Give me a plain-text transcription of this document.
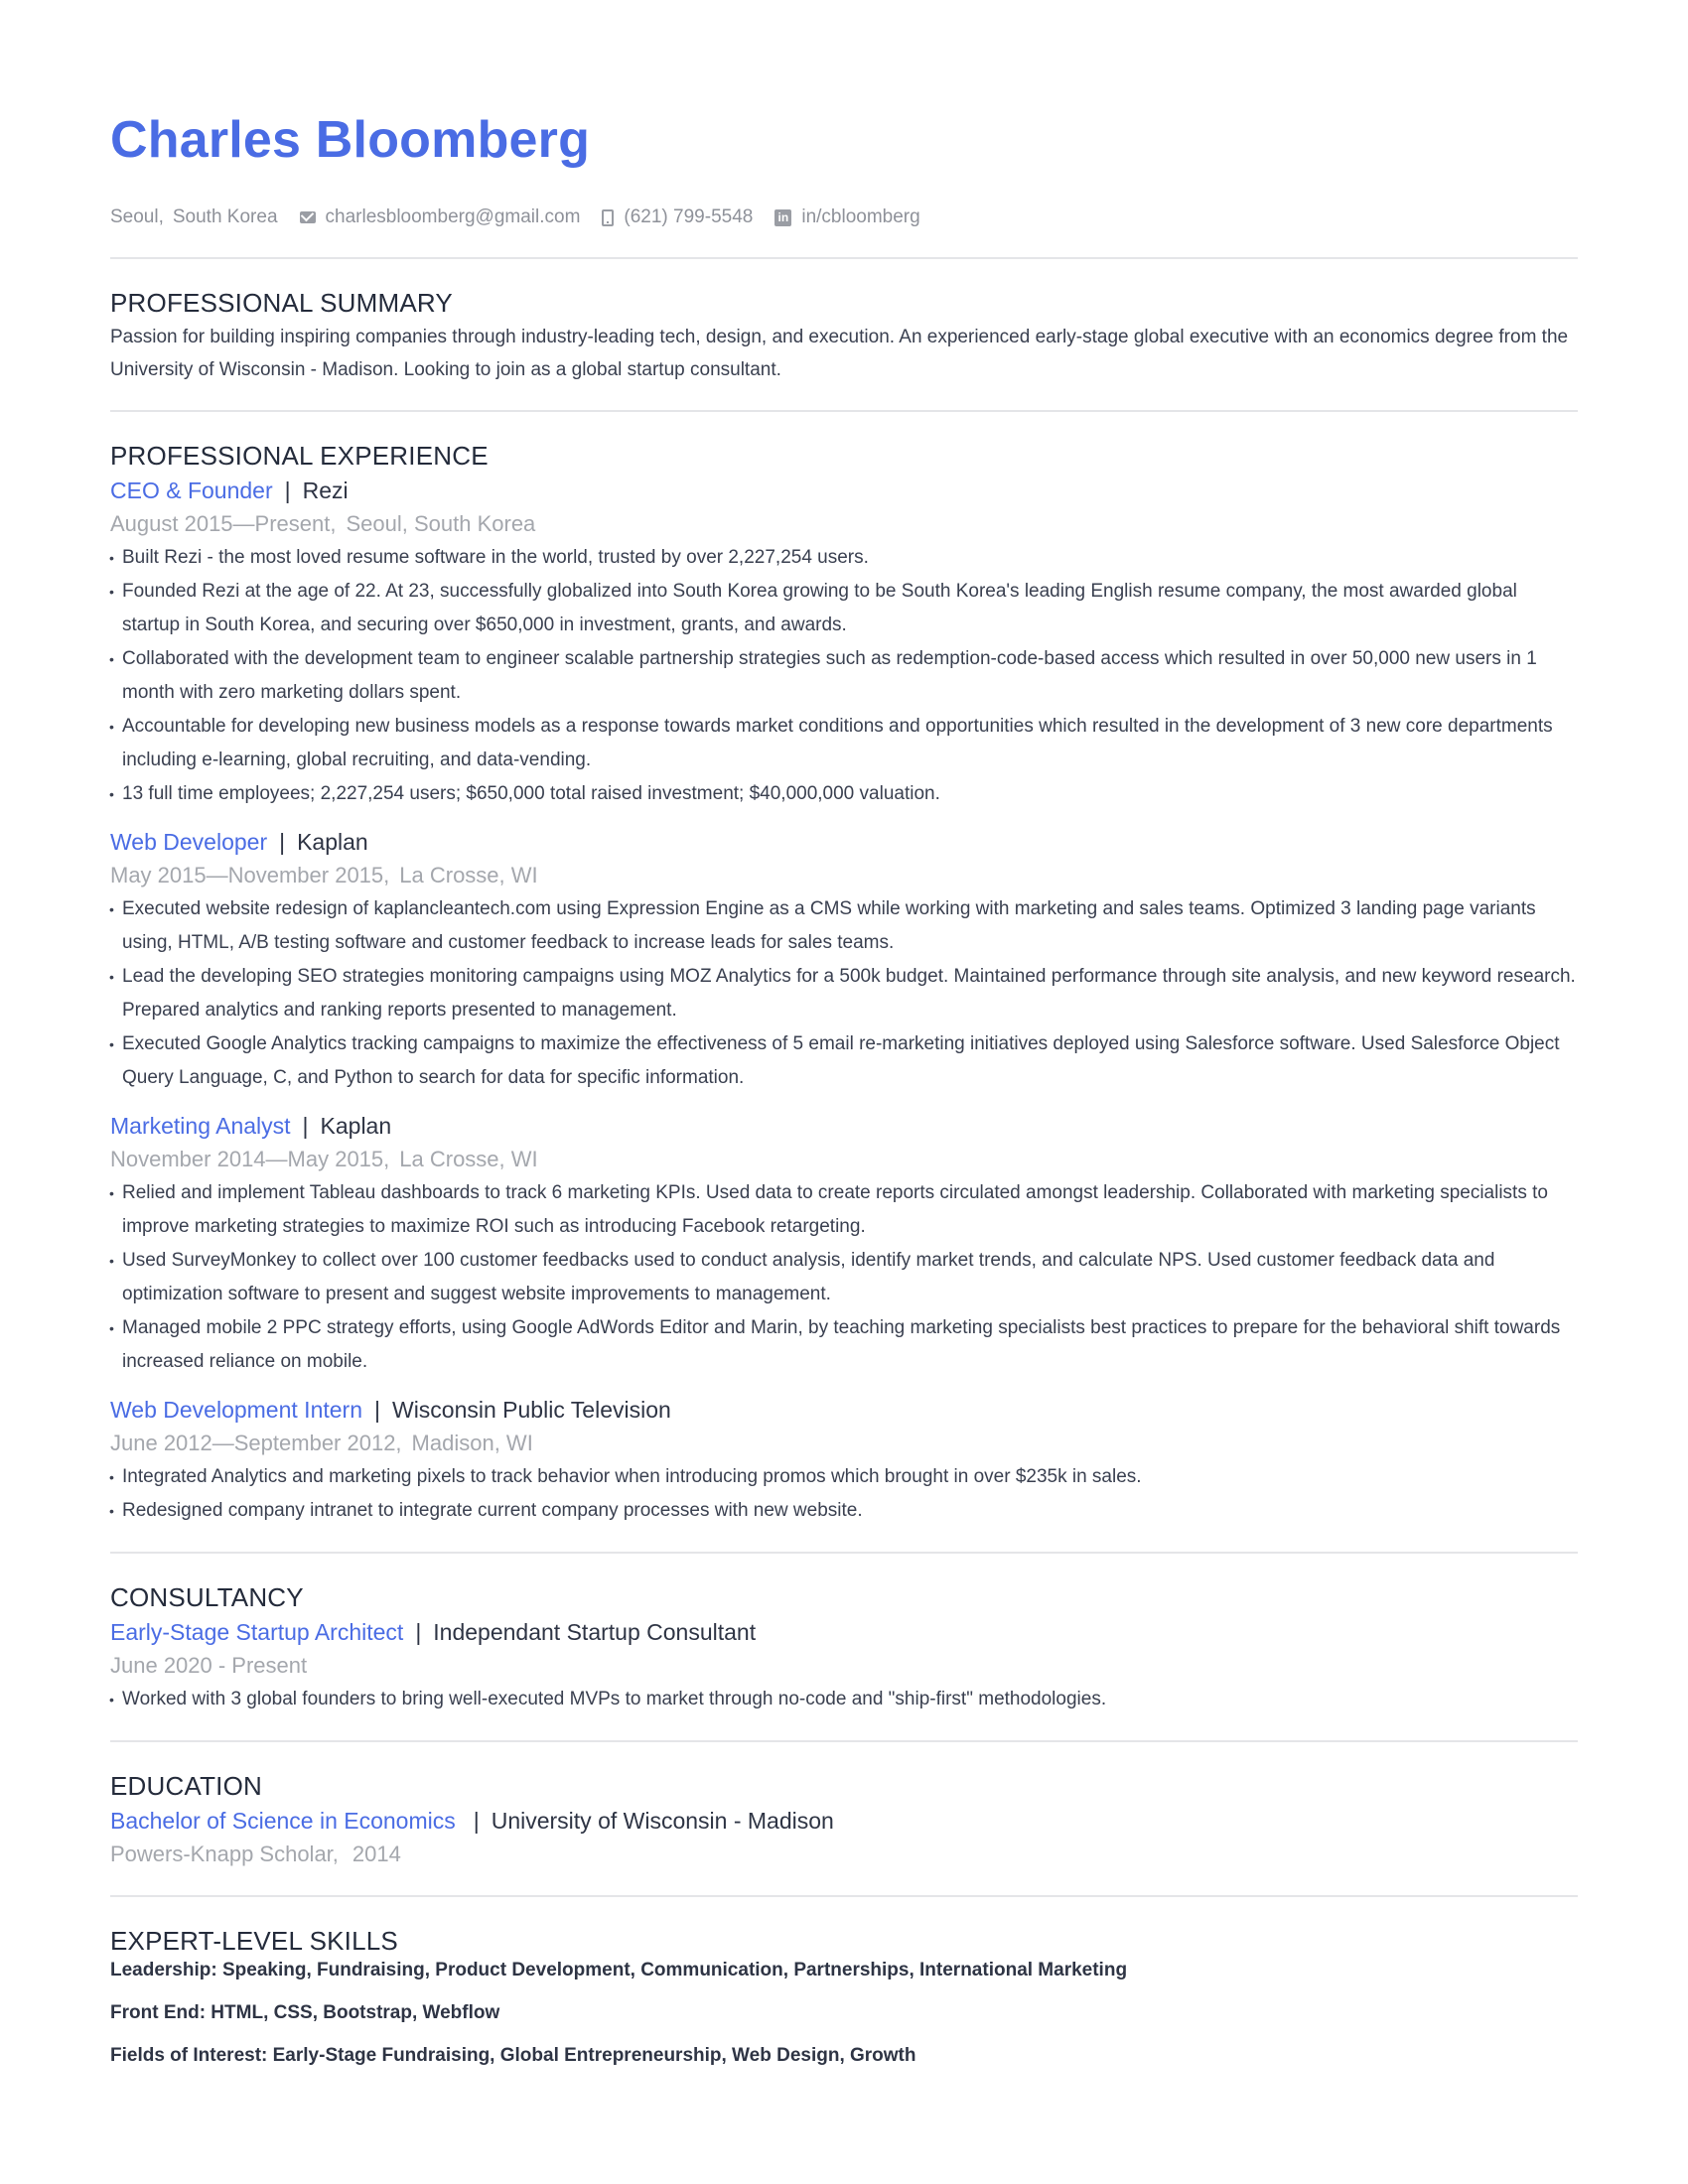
Charles Bloomberg
Seoul, South Korea	charlesbloomberg@gmail.com (621) 799-5548 in in/cbloomberg
PROFESSIONAL SUMMARY

Passion for building inspiring companies through industry-leading tech, design, and execution. An experienced early-stage global executive with an economics degree from the University of Wisconsin - Madison. Looking to join as a global startup consultant.

PROFESSIONAL EXPERIENCE
CEO & Founder | Rezi
August 2015—Present, Seoul, South Korea
• Built Rezi - the most loved resume software in the world, trusted by over 2,227,254 users.
• Founded Rezi at the age of 22. At 23, successfully globalized into South Korea growing to be South Korea's leading English resume company, the most awarded global startup in South Korea, and securing over $650,000 in investment, grants, and awards.
• Collaborated with the development team to engineer scalable partnership strategies such as redemption-code-based access which resulted in over 50,000 new users in 1 month with zero marketing dollars spent.
• Accountable for developing new business models as a response towards market conditions and opportunities which resulted in the development of 3 new core departments including e-learning, global recruiting, and data-vending.
• 13 full time employees; 2,227,254 users; $650,000 total raised investment; $40,000,000 valuation.
Web Developer | Kaplan
May 2015—November 2015, La Crosse, WI
• Executed website redesign of kaplancleantech.com using Expression Engine as a CMS while working with marketing and sales teams. Optimized 3 landing page variants using, HTML, A/B testing software and customer feedback to increase leads for sales teams.
• Lead the developing SEO strategies monitoring campaigns using MOZ Analytics for a 500k budget. Maintained performance through site analysis, and new keyword research. Prepared analytics and ranking reports presented to management.
• Executed Google Analytics tracking campaigns to maximize the effectiveness of 5 email re-marketing initiatives deployed using Salesforce software. Used Salesforce Object Query Language, C, and Python to search for data for specific information.
Marketing Analyst | Kaplan
November 2014—May 2015, La Crosse, WI
• Relied and implement Tableau dashboards to track 6 marketing KPIs. Used data to create reports circulated amongst leadership. Collaborated with marketing specialists to improve marketing strategies to maximize ROI such as introducing Facebook retargeting.
• Used SurveyMonkey to collect over 100 customer feedbacks used to conduct analysis, identify market trends, and calculate NPS. Used customer feedback data and optimization software to present and suggest website improvements to management.
• Managed mobile 2 PPC strategy efforts, using Google AdWords Editor and Marin, by teaching marketing specialists best practices to prepare for the behavioral shift towards increased reliance on mobile.
Web Development Intern | Wisconsin Public Television
June 2012—September 2012, Madison, WI
• Integrated Analytics and marketing pixels to track behavior when introducing promos which brought in over $235k in sales.
• Redesigned company intranet to integrate current company processes with new website.
CONSULTANCY
Early-Stage Startup Architect | Independant Startup Consultant
June 2020 - Present
• Worked with 3 global founders to bring well-executed MVPs to market through no-code and "ship-first" methodologies.
EDUCATION
Bachelor of Science in Economics | University of Wisconsin - Madison
Powers-Knapp Scholar, 2014
EXPERT-LEVEL SKILLS
Leadership: Speaking, Fundraising, Product Development, Communication, Partnerships, International Marketing
Front End: HTML, CSS, Bootstrap, Webflow
Fields of Interest: Early-Stage Fundraising, Global Entrepreneurship, Web Design, Growth
